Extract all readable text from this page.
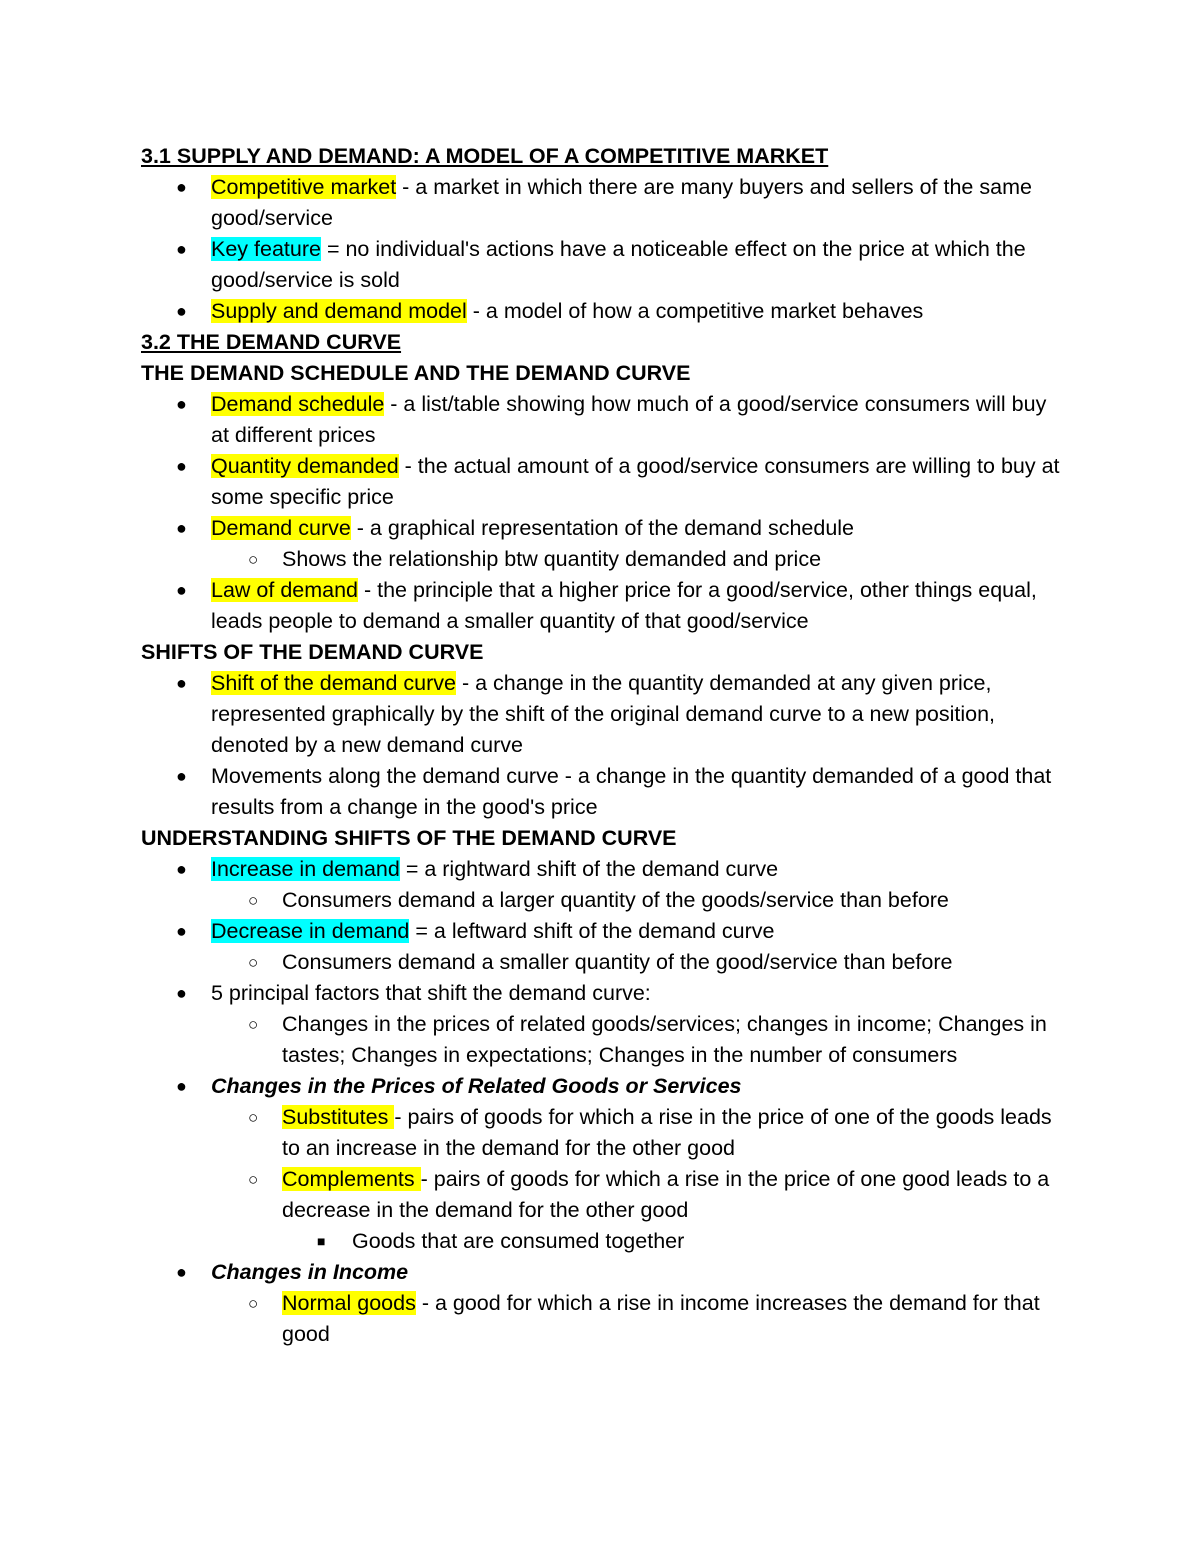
3.1 SUPPLY AND DEMAND: A MODEL OF A COMPETITIVE MARKET
● Competitive market - a market in which there are many buyers and sellers of the same good/service
● Key feature = no individual's actions have a noticeable effect on the price at which the good/service is sold
● Supply and demand model - a model of how a competitive market behaves
3.2 THE DEMAND CURVE
THE DEMAND SCHEDULE AND THE DEMAND CURVE
● Demand schedule - a list/table showing how much of a good/service consumers will buy at different prices
● Quantity demanded - the actual amount of a good/service consumers are willing to buy at some specific price
● Demand curve - a graphical representation of the demand schedule
○ Shows the relationship btw quantity demanded and price
● Law of demand - the principle that a higher price for a good/service, other things equal, leads people to demand a smaller quantity of that good/service
SHIFTS OF THE DEMAND CURVE
● Shift of the demand curve - a change in the quantity demanded at any given price, represented graphically by the shift of the original demand curve to a new position, denoted by a new demand curve
● Movements along the demand curve - a change in the quantity demanded of a good that results from a change in the good's price
UNDERSTANDING SHIFTS OF THE DEMAND CURVE
● Increase in demand = a rightward shift of the demand curve
○ Consumers demand a larger quantity of the goods/service than before
● Decrease in demand = a leftward shift of the demand curve
○ Consumers demand a smaller quantity of the good/service than before
● 5 principal factors that shift the demand curve:
○ Changes in the prices of related goods/services; changes in income; Changes in tastes; Changes in expectations; Changes in the number of consumers
● Changes in the Prices of Related Goods or Services
○ Substitutes - pairs of goods for which a rise in the price of one of the goods leads to an increase in the demand for the other good
○ Complements - pairs of goods for which a rise in the price of one good leads to a decrease in the demand for the other good
■ Goods that are consumed together
● Changes in Income
○ Normal goods - a good for which a rise in income increases the demand for that good
